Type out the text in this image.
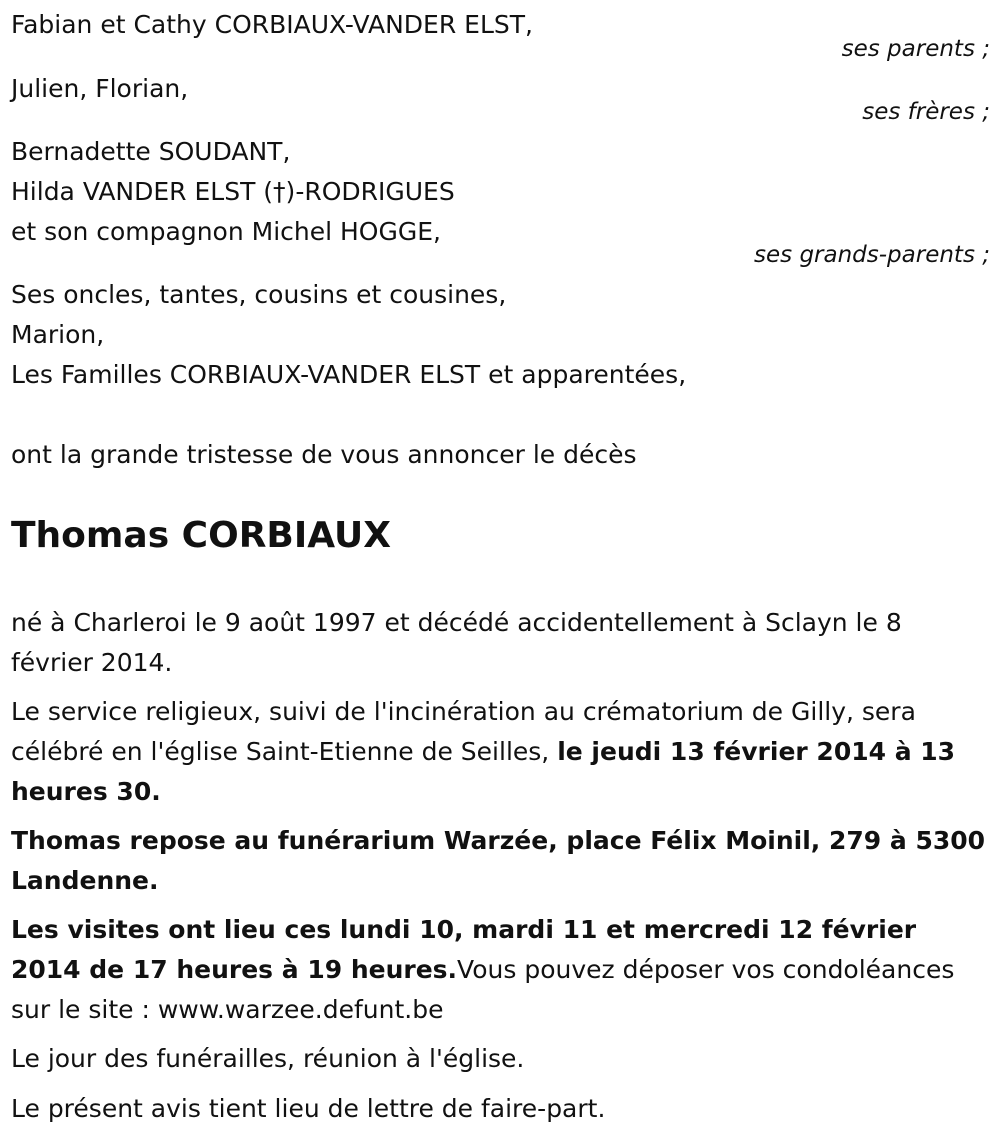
Fabian et Cathy CORBIAUX-VANDER ELST,
ses parents ;
Julien, Florian,
ses frères ;
Bernadette SOUDANT,
Hilda VANDER ELST (†)-RODRIGUES
et son compagnon Michel HOGGE,
ses grands-parents ;
Ses oncles, tantes, cousins et cousines,
Marion,
Les Familles CORBIAUX-VANDER ELST et apparentées,
ont la grande tristesse de vous annoncer le décès
Thomas CORBIAUX
né à Charleroi le 9 août 1997 et décédé accidentellement à Sclayn le 8 février 2014.
Le service religieux, suivi de l'incinération au crématorium de Gilly, sera célébré en l'église Saint-Etienne de Seilles, le jeudi 13 février 2014 à 13 heures 30.
Thomas repose au funérarium Warzée, place Félix Moinil, 279 à 5300 Landenne.
Les visites ont lieu ces lundi 10, mardi 11 et mercredi 12 février 2014 de 17 heures à 19 heures.Vous pouvez déposer vos condoléances sur le site : www.warzee.defunt.be
Le jour des funérailles, réunion à l'église.
Le présent avis tient lieu de lettre de faire-part.
